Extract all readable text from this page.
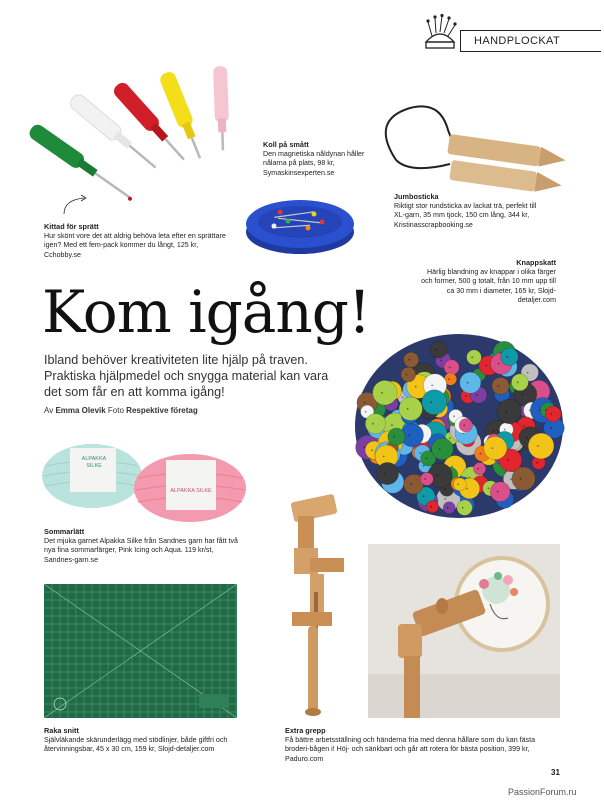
HANDPLOCKAT
Kittad för sprätt
Hur skönt vore det att aldrig behöva leta efter en sprättare igen? Med ett fem-pack kommer du långt, 125 kr, Cchobby.se
Koll på smått
Den magnetiska nåldynan håller nålarna på plats, 98 kr, Symaskinsexperten.se
Jumbosticka
Riktigt stor rundsticka av lackat trä, perfekt till XL-garn, 35 mm tjock, 150 cm lång, 344 kr, Kristinasscrapbooking.se
Knappskatt
Härlig blandning av knappar i olika färger och former, 500 g totalt, från 10 mm upp till ca 30 mm i diameter, 165 kr, Slojd-detaljer.com
Kom igång!
Ibland behöver kreativiteten lite hjälp på traven. Praktiska hjälpmedel och snygga material kan vara det som får en att komma igång!
Av Emma Olevik Foto Respektive företag
ALPAKKA
SILKE
ALPAKKA SILKE
Sommarlätt
Det mjuka garnet Alpakka Silke från Sandnes garn har fått två nya fina sommarfärger, Pink Icing och Aqua. 119 kr/st, Sandnes-garn.se
Raka snitt
Självläkande skärunderlägg med stödlinjer, både giftfri och återvinningsbar, 45 x 30 cm, 159 kr, Slojd-detaljer.com
Extra grepp
Få bättre arbetsställning och händerna fria med denna hållare som du kan fästa broderi-bågen i! Höj- och sänkbart och går att rotera för bästa position, 399 kr, Paduro.com
31
PassionForum.ru
